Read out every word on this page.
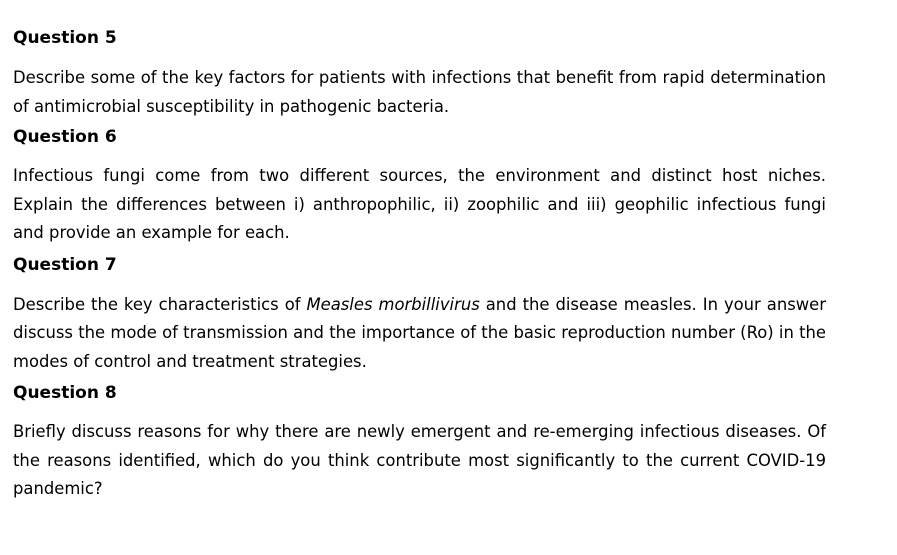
Question 5

Describe some of the key factors for patients with infections that benefit from rapid determination of antimicrobial susceptibility in pathogenic bacteria.

Question 6

Infectious fungi come from two different sources, the environment and distinct host niches. Explain the differences between i) anthropophilic, ii) zoophilic and iii) geophilic infectious fungi and provide an example for each.

Question 7

Describe the key characteristics of Measles morbillivirus and the disease measles. In your answer discuss the mode of transmission and the importance of the basic reproduction number (Ro) in the modes of control and treatment strategies.

Question 8

Briefly discuss reasons for why there are newly emergent and re-emerging infectious diseases. Of the reasons identified, which do you think contribute most significantly to the current COVID-19 pandemic?
